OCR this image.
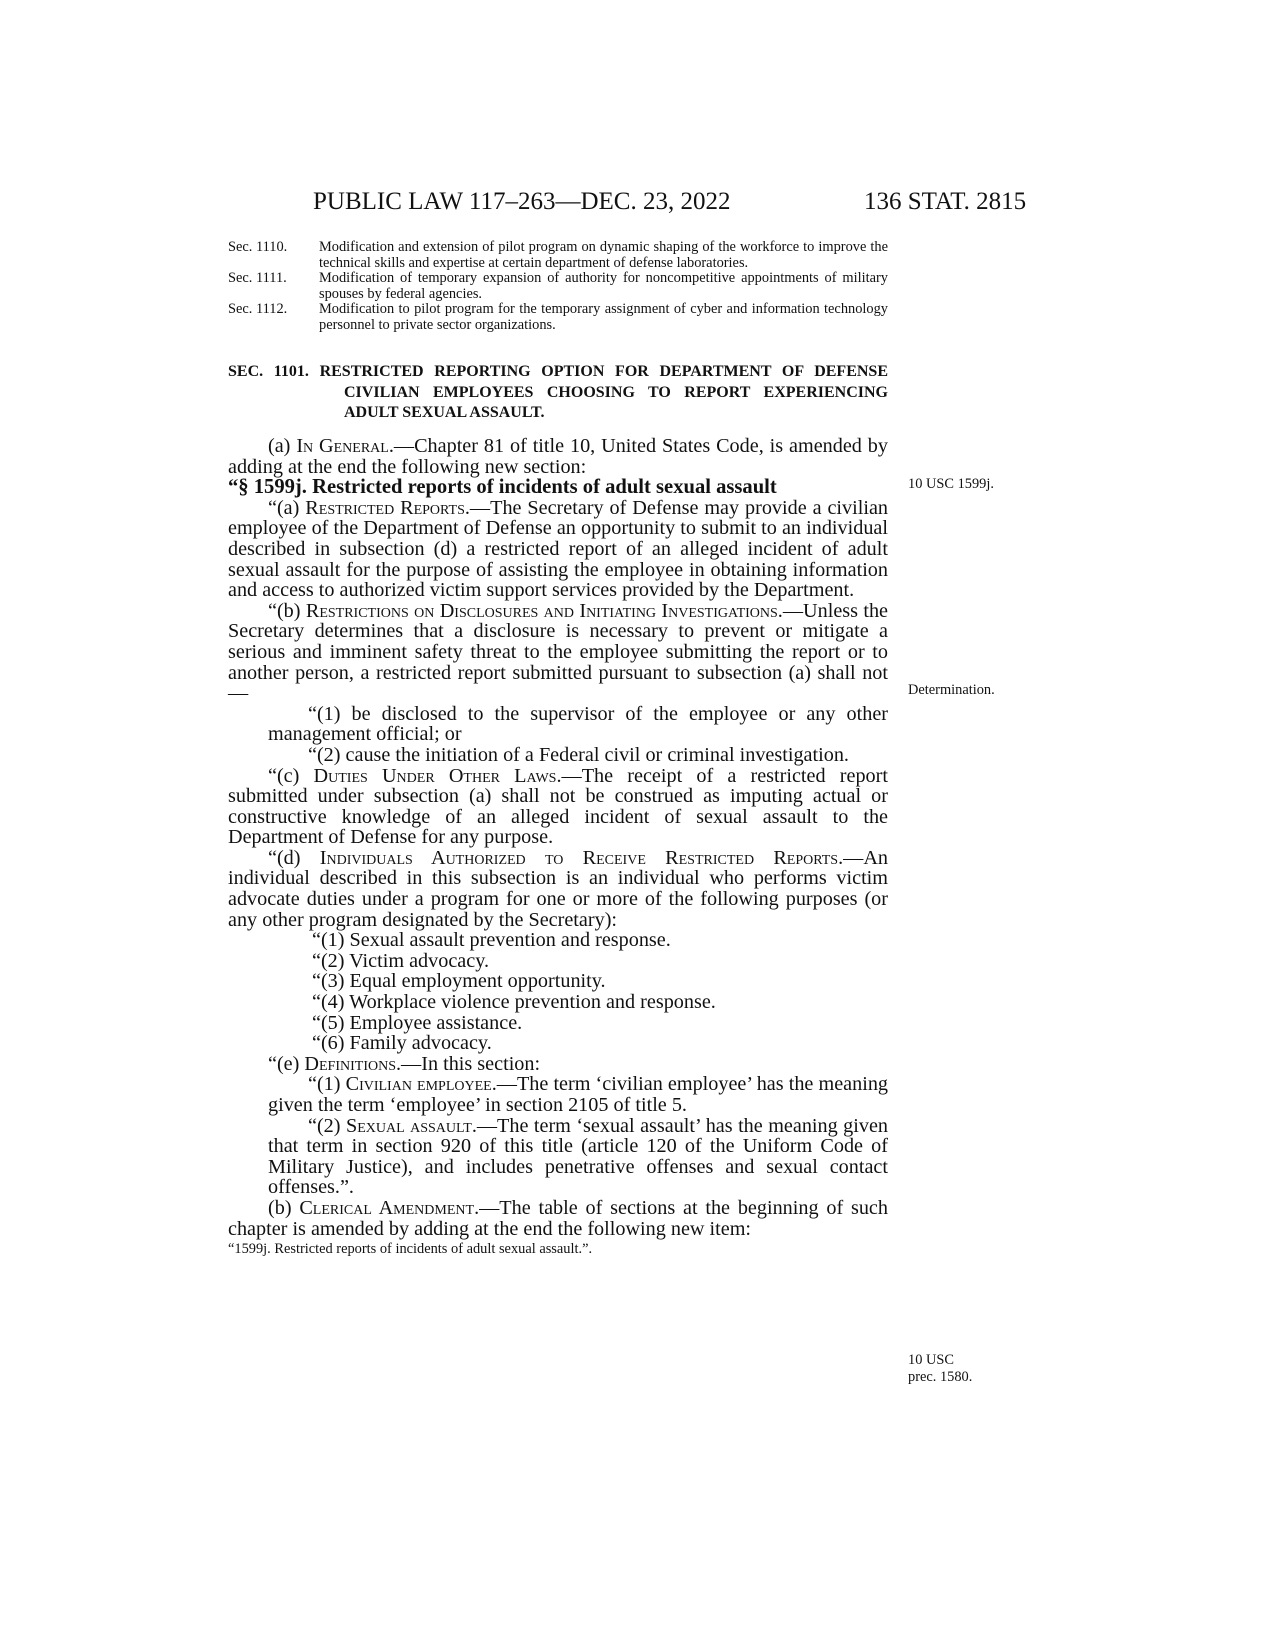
PUBLIC LAW 117–263—DEC. 23, 2022	136 STAT. 2815
Sec. 1110.	Modification and extension of pilot program on dynamic shaping of the workforce to improve the technical skills and expertise at certain department of defense laboratories.
Sec. 1111.	Modification of temporary expansion of authority for noncompetitive appointments of military spouses by federal agencies.
Sec. 1112.	Modification to pilot program for the temporary assignment of cyber and information technology personnel to private sector organizations.
SEC. 1101. RESTRICTED REPORTING OPTION FOR DEPARTMENT OF DEFENSE CIVILIAN EMPLOYEES CHOOSING TO REPORT EXPERIENCING ADULT SEXUAL ASSAULT.

(a) In General.—Chapter 81 of title 10, United States Code, is amended by adding at the end the following new section:

“§ 1599j. Restricted reports of incidents of adult sexual assault

“(a) Restricted Reports.—The Secretary of Defense may provide a civilian employee of the Department of Defense an opportunity to submit to an individual described in subsection (d) a restricted report of an alleged incident of adult sexual assault for the purpose of assisting the employee in obtaining information and access to authorized victim support services provided by the Department.

“(b) Restrictions on Disclosures and Initiating Investigations.—Unless the Secretary determines that a disclosure is necessary to prevent or mitigate a serious and imminent safety threat to the employee submitting the report or to another person, a restricted report submitted pursuant to subsection (a) shall not—

“(1) be disclosed to the supervisor of the employee or any other management official; or

“(2) cause the initiation of a Federal civil or criminal investigation.

“(c) Duties Under Other Laws.—The receipt of a restricted report submitted under subsection (a) shall not be construed as imputing actual or constructive knowledge of an alleged incident of sexual assault to the Department of Defense for any purpose.

“(d) Individuals Authorized to Receive Restricted Reports.—An individual described in this subsection is an individual who performs victim advocate duties under a program for one or more of the following purposes (or any other program designated by the Secretary):

“(1) Sexual assault prevention and response.

“(2) Victim advocacy.

“(3) Equal employment opportunity.

“(4) Workplace violence prevention and response.

“(5) Employee assistance.

“(6) Family advocacy.

“(e) Definitions.—In this section:

“(1) Civilian employee.—The term ‘civilian employee’ has the meaning given the term ‘employee’ in section 2105 of title 5.

“(2) Sexual assault.—The term ‘sexual assault’ has the meaning given that term in section 920 of this title (article 120 of the Uniform Code of Military Justice), and includes penetrative offenses and sexual contact offenses.”.

(b) Clerical Amendment.—The table of sections at the beginning of such chapter is amended by adding at the end the following new item:

“1599j. Restricted reports of incidents of adult sexual assault.”.

10 USC 1599j.
Determination.
10 USC
prec. 1580.
